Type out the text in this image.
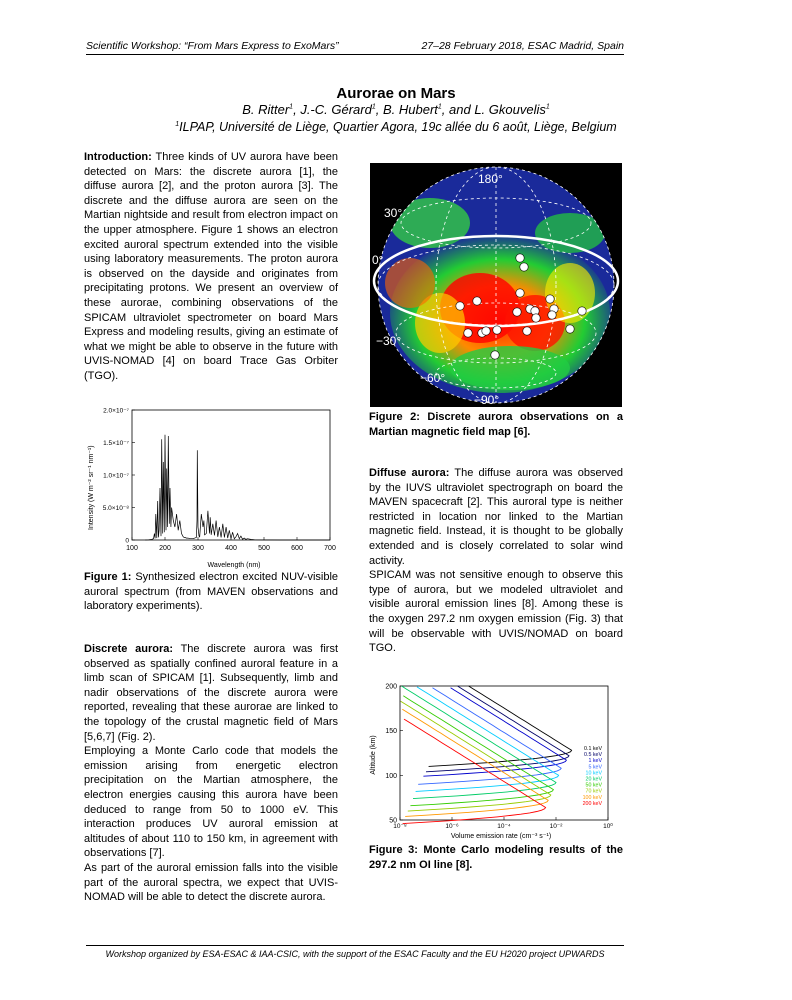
Scientific Workshop: “From Mars Express to ExoMars”	27–28 February 2018, ESAC Madrid, Spain
Aurorae on Mars
B. Ritter$^1$, J.-C. Gérard$^1$, B. Hubert$^1$, and L. Gkouvelis$^1$
$^1$ILPAP, Université de Liège, Quartier Agora, 19c allée du 6 août, Liège, Belgium

Introduction: Three kinds of UV aurora have been detected on Mars: the discrete aurora [1], the diffuse aurora [2], and the proton aurora [3]. The discrete and the diffuse aurora are seen on the Martian nightside and result from electron impact on the upper atmosphere. Figure 1 shows an electron excited auroral spectrum extended into the visible using laboratory measurements. The proton aurora is observed on the dayside and originates from precipitating protons. We present an overview of these aurorae, combining observations of the SPICAM ultraviolet spectrometer on board Mars Express and modeling results, giving an estimate of what we might be able to observe in the future with UVIS-NOMAD [4] on board Trace Gas Orbiter (TGO).

100	200	300	400	500	600	700
0
5.0×10⁻⁸
1.0×10⁻⁷
1.5×10⁻⁷
2.0×10⁻⁷
Intensity (W m⁻² sr⁻¹ nm⁻¹)
Wavelength (nm)

Figure 1: Synthesized electron excited NUV-visible auroral spectrum (from MAVEN observations and laboratory experiments).

Discrete aurora: The discrete aurora was first observed as spatially confined auroral feature in a limb scan of SPICAM [1]. Subsequently, limb and nadir observations of the discrete aurora were reported, revealing that these aurorae are linked to the topology of the crustal magnetic field of Mars [5,6,7] (Fig. 2).

Employing a Monte Carlo code that models the emission arising from energetic electron precipitation on the Martian atmosphere, the electron energies causing this aurora have been deduced to range from 50 to 1000 eV. This interaction produces UV auroral emission at altitudes of about 110 to 150 km, in agreement with observations [7].

As part of the auroral emission falls into the visible part of the auroral spectra, we expect that UVIS-NOMAD will be able to detect the discrete aurora.

180°
30°
0°
−30°
−60°
−90°
Figure 2: Discrete aurora observations on a Martian magnetic field map [6].

Diffuse aurora: The diffuse aurora was observed by the IUVS ultraviolet spectrograph on board the MAVEN spacecraft [2]. This auroral type is neither restricted in location nor linked to the Martian magnetic field. Instead, it is thought to be globally extended and is closely correlated to solar wind activity.

SPICAM was not sensitive enough to observe this type of aurora, but we modeled ultraviolet and visible auroral emission lines [8]. Among these is the oxygen 297.2 nm oxygen emission (Fig. 3) that will be observable with UVIS/NOMAD on board TGO.

10⁻⁸	10⁻⁶	10⁻⁴	10⁻²	10⁰
50
100
150
200
0.1 keV
0.5 keV
1 keV
5 keV
10 keV
20 keV
50 keV
70 keV
100 keV
200 keV
Altitude (km)
Volume emission rate (cm⁻³ s⁻¹)
Figure 3: Monte Carlo modeling results of the 297.2 nm OI line [8].
Workshop organized by ESA-ESAC & IAA-CSIC, with the support of the ESAC Faculty and the EU H2020 project UPWARDS
